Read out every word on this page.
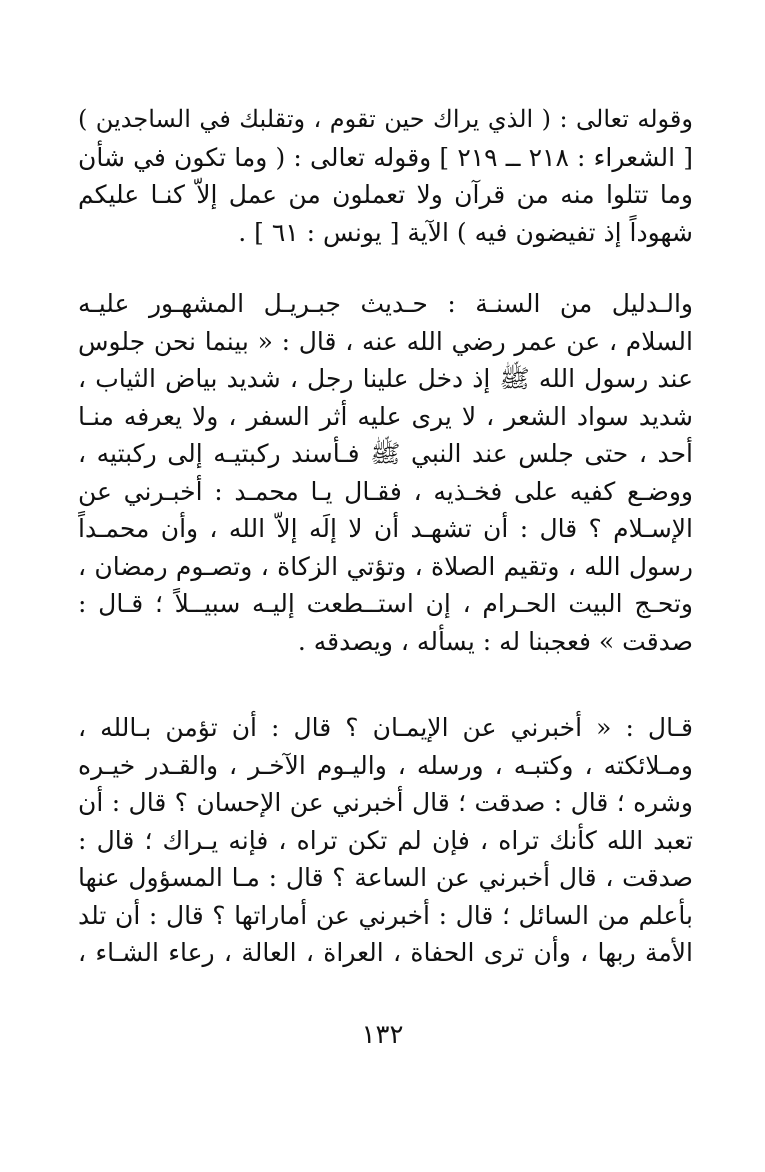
وقوله تعالى : ( الذي يراك حين تقوم ، وتقلبك في الساجدين )
[ الشعراء : ٢١٨ ــ ٢١٩ ] وقوله تعالى : ( وما تكون في شأن
وما تتلوا منه من قرآن ولا تعملون من عمل إلاّ كنـا عليكم
شهوداً إذ تفيضون فيه ) الآية [ يونس : ٦١ ] .
والـدليل من السنـة : حـديث جبـريـل المشهـور عليـه
السلام ، عن عمر رضي الله عنه ، قال : « بينما نحن جلوس
عند رسول الله ﷺ إذ دخل علينا رجل ، شديد بياض الثياب ،
شديد سواد الشعر ، لا يرى عليه أثر السفر ، ولا يعرفه منـا
أحد ، حتى جلس عند النبي ﷺ فـأسند ركبتيـه إلى ركبتيه ،
ووضـع كفيه على فخـذيه ، فقـال يـا محمـد : أخبـرني عن
الإسـلام ؟ قال : أن تشهـد أن لا إلَه إلاّ الله ، وأن محمـداً
رسول الله ، وتقيم الصلاة ، وتؤتي الزكاة ، وتصـوم رمضان ،
وتحـج البيت الحـرام ، إن استــطعت إليـه سبيــلاً ؛ قـال :
صدقت » فعجبنا له : يسأله ، ويصدقه .
قـال : « أخبرني عن الإيمـان ؟ قال : أن تؤمن بـالله ،
ومـلائكته ، وكتبـه ، ورسله ، واليـوم الآخـر ، والقـدر خيـره
وشره ؛ قال : صدقت ؛ قال أخبرني عن الإحسان ؟ قال : أن
تعبد الله كأنك تراه ، فإن لم تكن تراه ، فإنه يـراك ؛ قال :
صدقت ، قال أخبرني عن الساعة ؟ قال : مـا المسؤول عنها
بأعلم من السائل ؛ قال : أخبرني عن أماراتها ؟ قال : أن تلد
الأمة ربها ، وأن ترى الحفاة ، العراة ، العالة ، رعاء الشـاء ،
١٣٢
